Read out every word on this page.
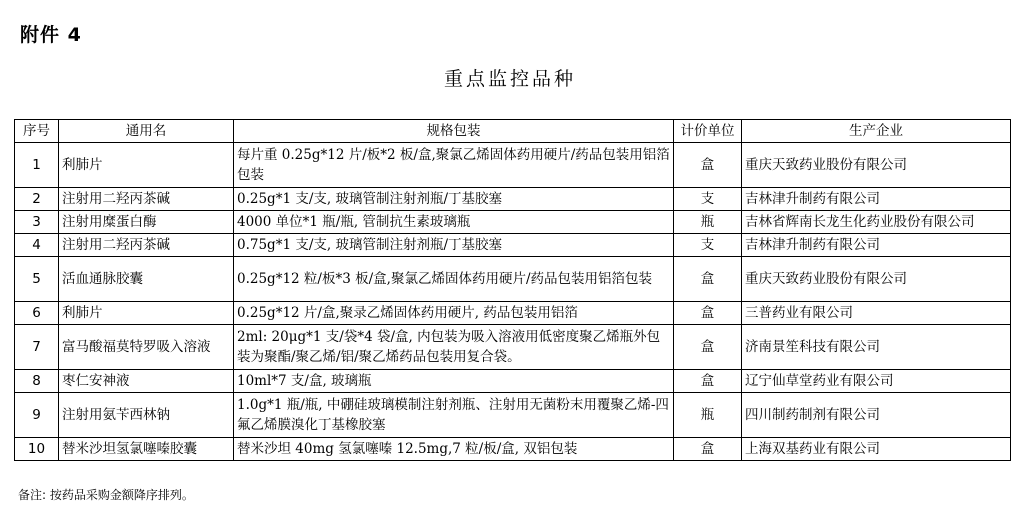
附件 4
重点监控品种
序号	通用名	规格包装	计价单位	生产企业
1	利肺片	每片重 0.25g*12 片/板*2 板/盒,聚氯乙烯固体药用硬片/药品包装用铝箔包装	盒	重庆天致药业股份有限公司
2	注射用二羟丙茶碱	0.25g*1 支/支, 玻璃管制注射剂瓶/丁基胶塞	支	吉林津升制药有限公司
3	注射用糜蛋白酶	4000 单位*1 瓶/瓶, 管制抗生素玻璃瓶	瓶	吉林省辉南长龙生化药业股份有限公司
4	注射用二羟丙茶碱	0.75g*1 支/支, 玻璃管制注射剂瓶/丁基胶塞	支	吉林津升制药有限公司
5	活血通脉胶囊	0.25g*12 粒/板*3 板/盒,聚氯乙烯固体药用硬片/药品包装用铝箔包装	盒	重庆天致药业股份有限公司
6	利肺片	0.25g*12 片/盒,聚录乙烯固体药用硬片, 药品包装用铝箔	盒	三普药业有限公司
7	富马酸福莫特罗吸入溶液	2ml: 20μg*1 支/袋*4 袋/盒, 内包装为吸入溶液用低密度聚乙烯瓶外包装为聚酯/聚乙烯/铝/聚乙烯药品包装用复合袋。	盒	济南景笙科技有限公司
8	枣仁安神液	10ml*7 支/盒, 玻璃瓶	盒	辽宁仙草堂药业有限公司
9	注射用氨苄西林钠	1.0g*1 瓶/瓶, 中硼硅玻璃模制注射剂瓶、注射用无菌粉末用覆聚乙烯-四氟乙烯膜溴化丁基橡胶塞	瓶	四川制药制剂有限公司
10	替米沙坦氢氯噻嗪胶囊	替米沙坦 40mg 氢氯噻嗪 12.5mg,7 粒/板/盒, 双铝包装	盒	上海双基药业有限公司
备注: 按药品采购金额降序排列。
